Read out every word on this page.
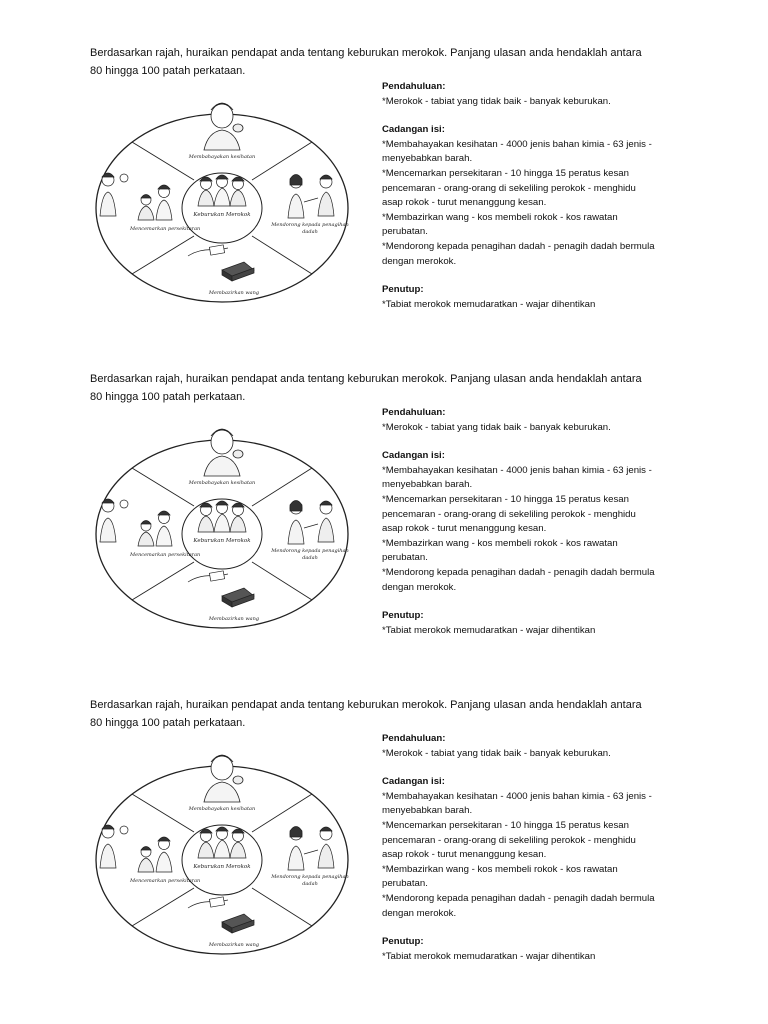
Berdasarkan rajah, huraikan pendapat anda tentang keburukan merokok. Panjang ulasan anda hendaklah antara
80 hingga 100 patah perkataan.
Membahayakan kesihatan
Keburukan Merokok
Mencemarkan persekitaran
Mendorong kepada penagihan
dadah
Membazirkan wang

Pendahuluan:

*Merokok - tabiat yang tidak baik - banyak keburukan.

Cadangan isi:

*Membahayakan kesihatan - 4000 jenis bahan kimia - 63 jenis -

menyebabkan barah.

*Mencemarkan persekitaran - 10 hingga 15 peratus kesan

pencemaran - orang-orang di sekeliling perokok - menghidu

asap rokok - turut menanggung kesan.

*Membazirkan wang - kos membeli rokok - kos rawatan

perubatan.

*Mendorong kepada penagihan dadah - penagih dadah bermula

dengan merokok.

Penutup:

*Tabiat merokok memudaratkan - wajar dihentikan

Berdasarkan rajah, huraikan pendapat anda tentang keburukan merokok. Panjang ulasan anda hendaklah antara
80 hingga 100 patah perkataan.
Membahayakan kesihatan
Keburukan Merokok
Mencemarkan persekitaran
Mendorong kepada penagihan
dadah
Membazirkan wang

Pendahuluan:

*Merokok - tabiat yang tidak baik - banyak keburukan.

Cadangan isi:

*Membahayakan kesihatan - 4000 jenis bahan kimia - 63 jenis -

menyebabkan barah.

*Mencemarkan persekitaran - 10 hingga 15 peratus kesan

pencemaran - orang-orang di sekeliling perokok - menghidu

asap rokok - turut menanggung kesan.

*Membazirkan wang - kos membeli rokok - kos rawatan

perubatan.

*Mendorong kepada penagihan dadah - penagih dadah bermula

dengan merokok.

Penutup:

*Tabiat merokok memudaratkan - wajar dihentikan

Berdasarkan rajah, huraikan pendapat anda tentang keburukan merokok. Panjang ulasan anda hendaklah antara
80 hingga 100 patah perkataan.
Membahayakan kesihatan
Keburukan Merokok
Mencemarkan persekitaran
Mendorong kepada penagihan
dadah
Membazirkan wang

Pendahuluan:

*Merokok - tabiat yang tidak baik - banyak keburukan.

Cadangan isi:

*Membahayakan kesihatan - 4000 jenis bahan kimia - 63 jenis -

menyebabkan barah.

*Mencemarkan persekitaran - 10 hingga 15 peratus kesan

pencemaran - orang-orang di sekeliling perokok - menghidu

asap rokok - turut menanggung kesan.

*Membazirkan wang - kos membeli rokok - kos rawatan

perubatan.

*Mendorong kepada penagihan dadah - penagih dadah bermula

dengan merokok.

Penutup:

*Tabiat merokok memudaratkan - wajar dihentikan
